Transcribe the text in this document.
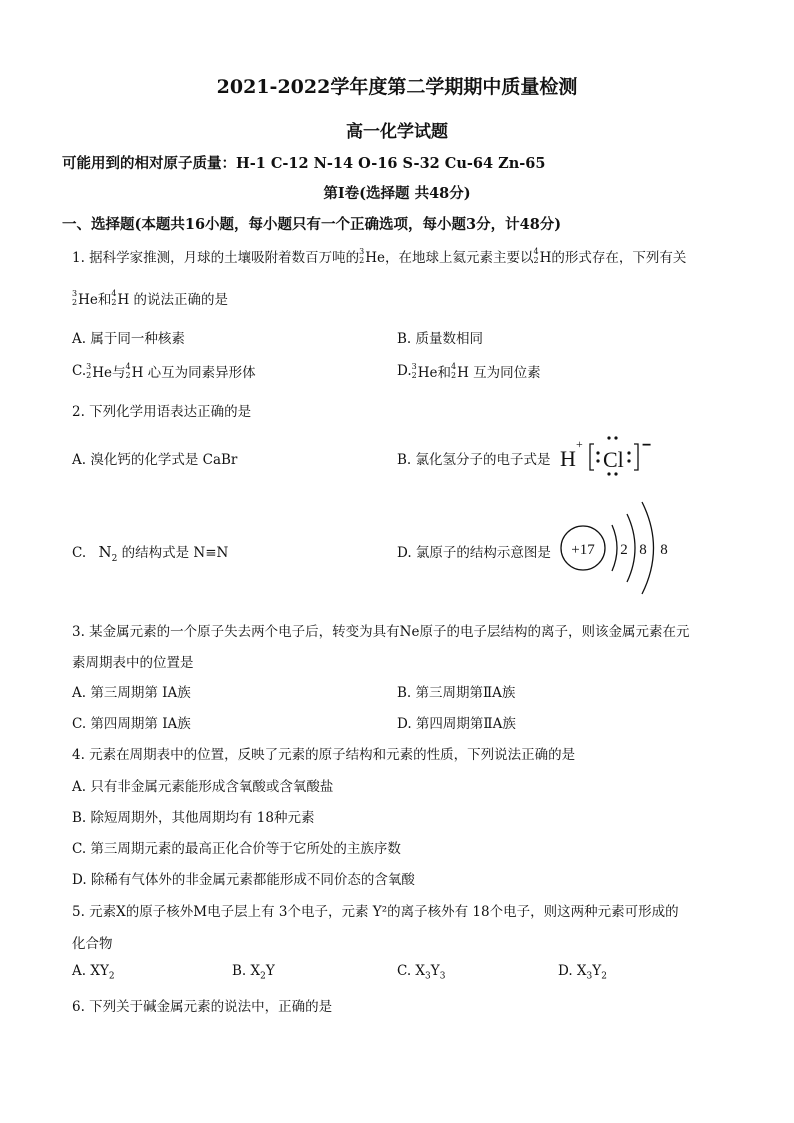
2021-2022学年度第二学期期中质量检测
高一化学试题
可能用到的相对原子质量：H-1 C-12 N-14 O-16 S-32 Cu-64 Zn-65
第Ⅰ卷(选择题 共48分)
一、选择题(本题共16小题，每小题只有一个正确选项，每小题3分，计48分)
1. 据科学家推测，月球的土壤吸附着数百万吨的 3
2 He，在地球上氦元素主要以 4
2 H的形式存在，下列有关
3
2 He和 4
2 H 的说法正确的是
A. 属于同一种核素	B. 质量数相同
C. 3
2 He与 4
2 H 心互为同素异形体	D. 3
2 He和 4
2 H 互为同位素
2. 下列化学用语表达正确的是
A. 溴化钙的化学式是 CaBr	B. 氯化氢分子的电子式是 H
+
Cl
−
C. $N_2$ 的结构式是 N≡N	D. 氯原子的结构示意图是 +17 2 8 8
3. 某金属元素的一个原子失去两个电子后，转变为具有Ne原子的电子层结构的离子，则该金属元素在元
素周期表中的位置是
A. 第三周期第 IA族	B. 第三周期第ⅡA族
C. 第四周期第 IA族	D. 第四周期第ⅡA族
4. 元素在周期表中的位置，反映了元素的原子结构和元素的性质，下列说法正确的是
A. 只有非金属元素能形成含氧酸或含氧酸盐
B. 除短周期外，其他周期均有 18种元素
C. 第三周期元素的最高正化合价等于它所处的主族序数
D. 除稀有气体外的非金属元素都能形成不同价态的含氧酸
5. 元素X的原子核外M电子层上有 3个电子，元素 Y²的离子核外有 18个电子，则这两种元素可形成的
化合物
A. $XY_2$	B. $X_2Y$	C. $X_3Y_3$	D. $X_3Y_2$
6. 下列关于碱金属元素的说法中，正确的是
